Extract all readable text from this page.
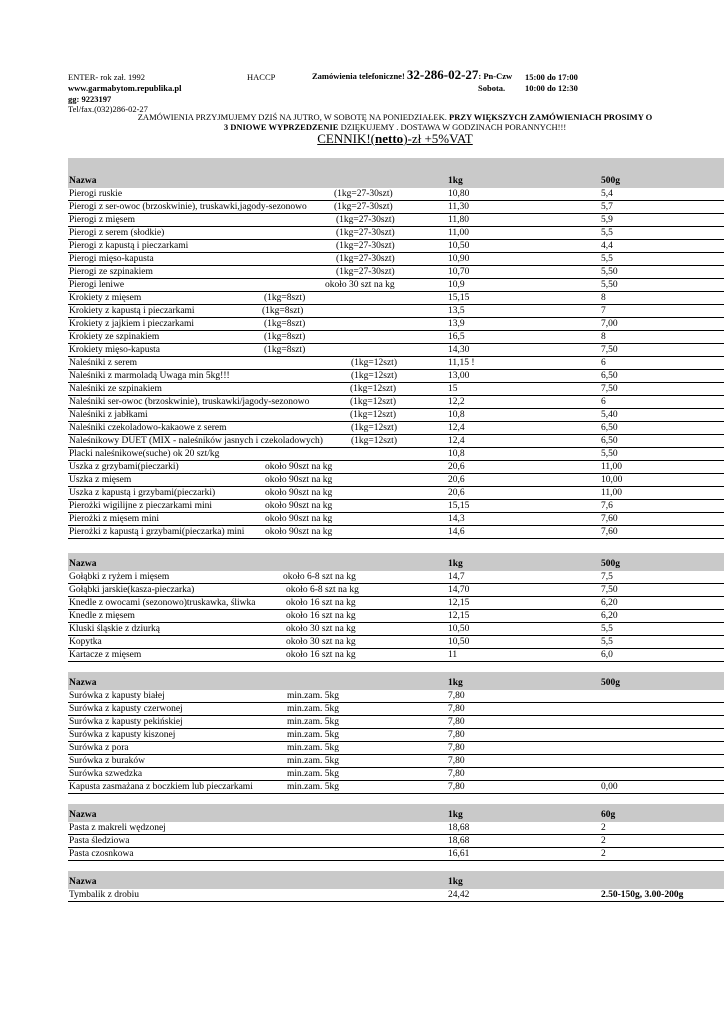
ENTER- rok zał. 1992
www.garmabytom.republika.pl
gg: 9223197
Tel/fax.(032)286-02-27
HACCP	Zamówienia telefoniczne! 32-286-02-27: Pn-Czw 15:00 do 17:00
Sobota. 10:00 do 12:30
ZAMÓWIENIA PRZYJMUJEMY DZIŚ NA JUTRO, W SOBOTĘ NA PONIEDZIAŁEK. PRZY WIĘKSZYCH ZAMÓWIENIACH PROSIMY O
3 DNIOWE WYPRZEDZENIE DZIĘKUJEMY . DOSTAWA W GODZINACH PORANNYCH!!!
CENNIK!(netto)-zł +5%VAT
Nazwa	1kg	500g
Pierogi ruskie	(1kg=27-30szt)	10,80	5,4
Pierogi z ser-owoc (brzoskwinie), truskawki,jagody-sezonowo	(1kg=27-30szt)	11,30	5,7
Pierogi z mięsem	(1kg=27-30szt)	11,80	5,9
Pierogi z serem (słodkie)	(1kg=27-30szt)	11,00	5,5
Pierogi z kapustą i pieczarkami	(1kg=27-30szt)	10,50	4,4
Pierogi mięso-kapusta	(1kg=27-30szt)	10,90	5,5
Pierogi ze szpinakiem	(1kg=27-30szt)	10,70	5,50
Pierogi leniwe	około 30 szt na kg	10,9	5,50
Krokiety z mięsem	(1kg=8szt)	15,15	8
Krokiety z kapustą i pieczarkami	(1kg=8szt)	13,5	7
Krokiety z jajkiem i pieczarkami	(1kg=8szt)	13,9	7,00
Krokiety ze szpinakiem	(1kg=8szt)	16,5	8
Krokiety mięso-kapusta	(1kg=8szt)	14,30	7,50
Naleśniki z serem	(1kg=12szt)	11,15 !	6
Naleśniki z marmoladą Uwaga min 5kg!!!	(1kg=12szt)	13,00	6,50
Naleśniki ze szpinakiem	(1kg=12szt)	15	7,50
Naleśniki ser-owoc (brzoskwinie), truskawki/jagody-sezonowo	(1kg=12szt)	12,2	6
Naleśniki z jabłkami	(1kg=12szt)	10,8	5,40
Naleśniki czekoladowo-kakaowe z serem	(1kg=12szt)	12,4	6,50
Naleśnikowy DUET (MIX - naleśników jasnych i czekoladowych)	(1kg=12szt)	12,4	6,50
Placki naleśnikowe(suche) ok 20 szt/kg	10,8	5,50
Uszka z grzybami(pieczarki)	około 90szt na kg	20,6	11,00
Uszka z mięsem	około 90szt na kg	20,6	10,00
Uszka z kapustą i grzybami(pieczarki)	około 90szt na kg	20,6	11,00
Pierożki wigilijne z pieczarkami mini	około 90szt na kg	15,15	7,6
Pierożki z mięsem mini	około 90szt na kg	14,3	7,60
Pierożki z kapustą i grzybami(pieczarka) mini około 90szt na kg	14,6	7,60
Nazwa	1kg	500g
Gołąbki z ryżem i mięsem	około 6-8 szt na kg	14,7	7,5
Gołąbki jarskie(kasza-pieczarka)	około 6-8 szt na kg	14,70	7,50
Knedle z owocami (sezonowo)truskawka, śliwka	około 16 szt na kg	12,15	6,20
Knedle z mięsem	około 16 szt na kg	12,15	6,20
Kluski śląskie z dziurką	około 30 szt na kg	10,50	5,5
Kopytka	około 30 szt na kg	10,50	5,5
Kartacze z mięsem	około 16 szt na kg	11	6,0
Nazwa	1kg	500g
Surówka z kapusty białej	min.zam. 5kg	7,80
Surówka z kapusty czerwonej	min.zam. 5kg	7,80
Surówka z kapusty pekińskiej	min.zam. 5kg	7,80
Surówka z kapusty kiszonej	min.zam. 5kg	7,80
Surówka z pora	min.zam. 5kg	7,80
Surówka z buraków	min.zam. 5kg	7,80
Surówka szwedzka	min.zam. 5kg	7,80
Kapusta zasmażana z boczkiem lub pieczarkami	min.zam. 5kg	7,80	0,00
Nazwa	1kg	60g
Pasta z makreli wędzonej	18,68	2
Pasta śledziowa	18,68	2
Pasta czosnkowa	16,61	2
Nazwa	1kg
Tymbalik z drobiu	24,42	2.50-150g, 3.00-200g
